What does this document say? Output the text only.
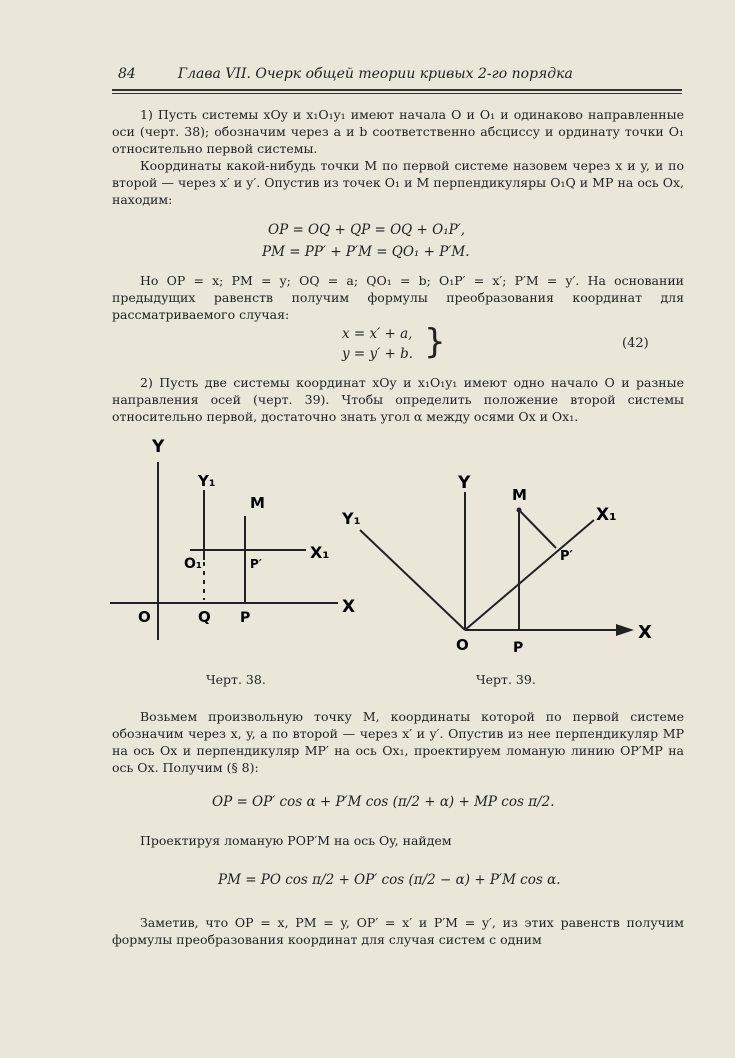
84	Глава VII. Очерк общей теории кривых 2-го порядка

1) Пусть системы xOy и x₁O₁y₁ имеют начала O и O₁ и одинаково направленные оси (черт. 38); обозначим через a и b соответственно абсциссу и ординату точки O₁ относительно первой системы.

Координаты какой-нибудь точки M по первой системе назовем через x и y, и по второй — через x′ и y′. Опустив из точек O₁ и M перпендикуляры O₁Q и MP на ось Ox, находим:

OP = OQ + QP = OQ + O₁P′,
PM = PP′ + P′M = QO₁ + P′M.

Но OP = x; PM = y; OQ = a; QO₁ = b; O₁P′ = x′; P′M = y′. На основании предыдущих равенств получим формулы преобразования координат для рассматриваемого случая:

x = x′ + a,
y = y′ + b. }	(42)

2) Пусть две системы координат xOy и x₁O₁y₁ имеют одно начало O и разные направления осей (черт. 39). Чтобы определить положение второй системы относительно первой, достаточно знать угол α между осями Ox и Ox₁.

Y
Y₁
M
O₁	P′
X₁
O	Q P
X
Y
M
Y₁	X₁
P′
O	P
X
Черт. 38.	Черт. 39.

Возьмем произвольную точку M, координаты которой по первой системе обозначим через x, y, а по второй — через x′ и y′. Опустив из нее перпендикуляр MP на ось Ox и перпендикуляр MP′ на ось Ox₁, проектируем ломаную линию OP′MP на ось Ox. Получим (§ 8):

OP = OP′ cos α + P′M cos (π/2 + α) + MP cos π/2.

Проектируя ломаную POP′M на ось Oy, найдем

PM = PO cos π/2 + OP′ cos (π/2 − α) + P′M cos α.

Заметив, что OP = x, PM = y, OP′ = x′ и P′M = y′, из этих равенств получим формулы преобразования координат для случая систем с одним
